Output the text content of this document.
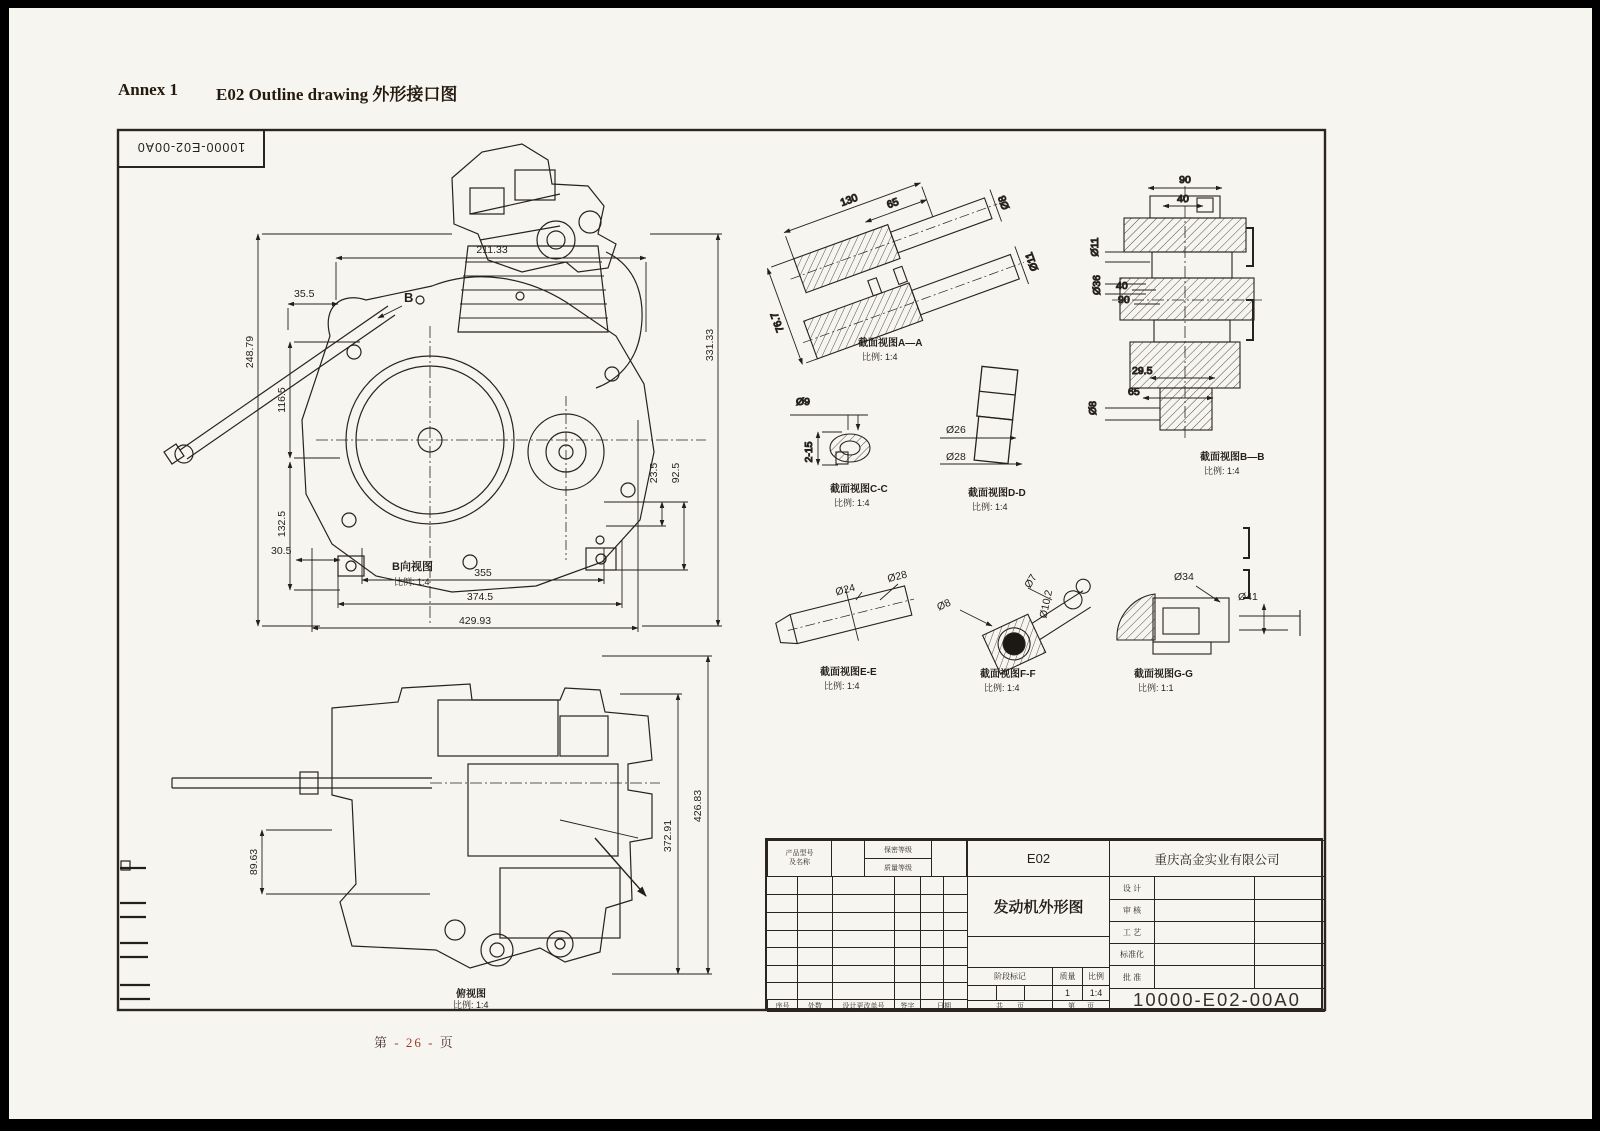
Annex 1 E02 Outline drawing 外形接口图
10000-E02-00A0
211.33
35.5	B
248.79
116.5
132.5
30.5
B向视图
比例: 1:4
355
374.5
429.93
331.33
23.5 92.5
89.63
372.91
426.83
俯视图
比例: 1:4
130 65
76.7
Ø8
Ø11
截面视图A—A
比例: 1:4
90
40
Ø11
Ø36 40
90
29.5
65
Ø8
截面视图B—B
比例: 1:4
Ø9
2-15
截面视图C-C
比例: 1:4
Ø26
Ø28
截面视图D-D
比例: 1:4
Ø24
Ø28
截面视图E-E
比例: 1:4
Ø8
Ø7
Ø10.2
截面视图F-F
比例: 1:4
Ø34
Ø41
截面视图G-G
比例: 1:1
产品型号
及名称
保密等级
质量等级
序号	处数	设计更改单号 签字	日期
E02
发动机外形图
阶段标记	质量 比例
1 1:4
共 页	第 页
重庆高金实业有限公司
设 计
审 核
工 艺
标准化
批 准
10000-E02-00A0
第 - 26 - 页
